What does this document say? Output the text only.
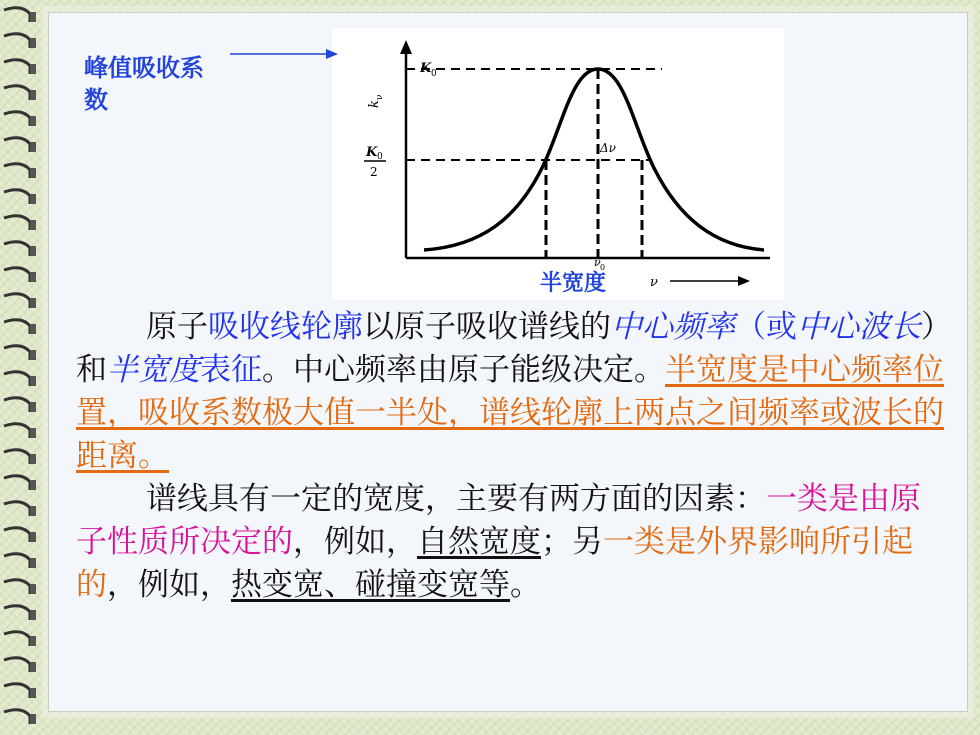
k
ν
K 0
K 0
2
Δν
ν 0
ν
峰值吸收系数
半宽度
原子吸收线轮廓以原子吸收谱线的中心频率（或中心波长）和半宽度表征。中心频率由原子能级决定。半宽度是中心频率位置，吸收系数极大值一半处，谱线轮廓上两点之间频率或波长的距离。
谱线具有一定的宽度，主要有两方面的因素：一类是由原子性质所决定的，例如，自然宽度；另一类是外界影响所引起的，例如，热变宽、碰撞变宽等。
